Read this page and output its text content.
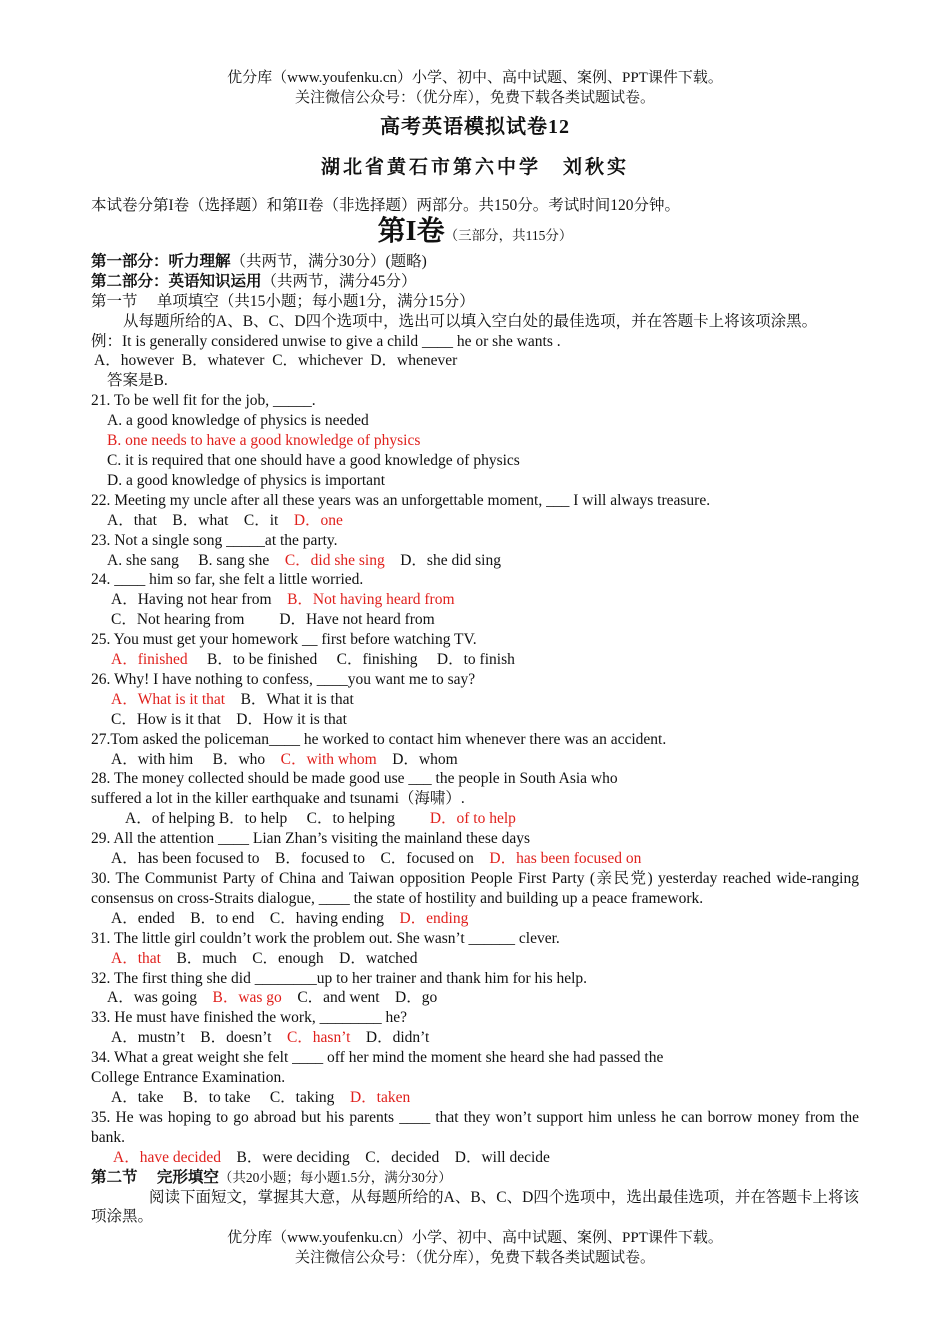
优分库（www.youfenku.cn）小学、初中、高中试题、案例、PPT课件下载。
关注微信公众号：（优分库），免费下载各类试题试卷。
高考英语模拟试卷12
湖北省黄石市第六中学　刘秋实

本试卷分第I卷（选择题）和第II卷（非选择题）两部分。共150分。考试时间120分钟。

第I卷（三部分，共115分）

第一部分：听力理解（共两节，满分30分）(题略)

第二部分：英语知识运用（共两节，满分45分）

第一节　 单项填空（共15小题；每小题1分，满分15分）

从每题所给的A、B、C、D四个选项中，选出可以填入空白处的最佳选项，并在答题卡上将该项涂黑。

例：It is generally considered unwise to give a child ____ he or she wants .

A．however  B．whatever  C．whichever  D．whenever

答案是B.

21. To be well fit for the job, _____.

A. a good knowledge of physics is needed

B. one needs to have a good knowledge of physics

C. it is required that one should have a good knowledge of physics

D. a good knowledge of physics is important

22. Meeting my uncle after all these years was an unforgettable moment, ___ I will always treasure.

A．that　B．what　C．it　D．one

23. Not a single song _____at the party.

A. she sang　 B. sang she　C．did she sing　D．she did sing

24. ____ him so far, she felt a little worried.

A．Having not hear from　B．Not having heard from

C．Not hearing from　　 D．Have not heard from

25. You must get your homework __ first before watching TV.

A．finished　 B．to be finished　 C．finishing　 D．to finish

26. Why! I have nothing to confess, ____you want me to say?

A．What is it that　B．What it is that

C．How is it that　D．How it is that

27.Tom asked the policeman____ he worked to contact him whenever there was an accident.

A．with him　 B．who　C．with whom　D．whom

28. The money collected should be made good use ___ the people in South Asia who

suffered a lot in the killer earthquake and tsunami（海啸）.

A．of helping B．to help　 C．to helping　　 D．of to help

29. All the attention ____ Lian Zhan’s visiting the mainland these days

A．has been focused to　B．focused to　C．focused on　D．has been focused on

30. The Communist Party of China and Taiwan opposition People First Party (亲民党) yesterday reached wide-ranging consensus on cross-Straits dialogue, ____ the state of hostility and building up a peace framework.

A．ended　B．to end　C．having ending　D．ending

31. The little girl couldn’t work the problem out. She wasn’t ______ clever.

A．that　B．much　C．enough　D．watched

32. The first thing she did ________up to her trainer and thank him for his help.

A．was going　B．was go　C．and went　D．go

33. He must have finished the work, ________ he?

A．mustn’t　B．doesn’t　C．hasn’t　D．didn’t

34. What a great weight she felt ____ off her mind the moment she heard she had passed the

College Entrance Examination.

A．take　 B．to take　 C．taking　D．taken

35. He was hoping to go abroad but his parents ____ that they won’t support him unless he can borrow money from the bank.

A．have decided　B．were deciding　C．decided　D．will decide

第二节　 完形填空（共20小题；每小题1.5分，满分30分）

阅读下面短文，掌握其大意，从每题所给的A、B、C、D四个选项中，选出最佳选项，并在答题卡上将该项涂黑。

优分库（www.youfenku.cn）小学、初中、高中试题、案例、PPT课件下载。
关注微信公众号：（优分库），免费下载各类试题试卷。
